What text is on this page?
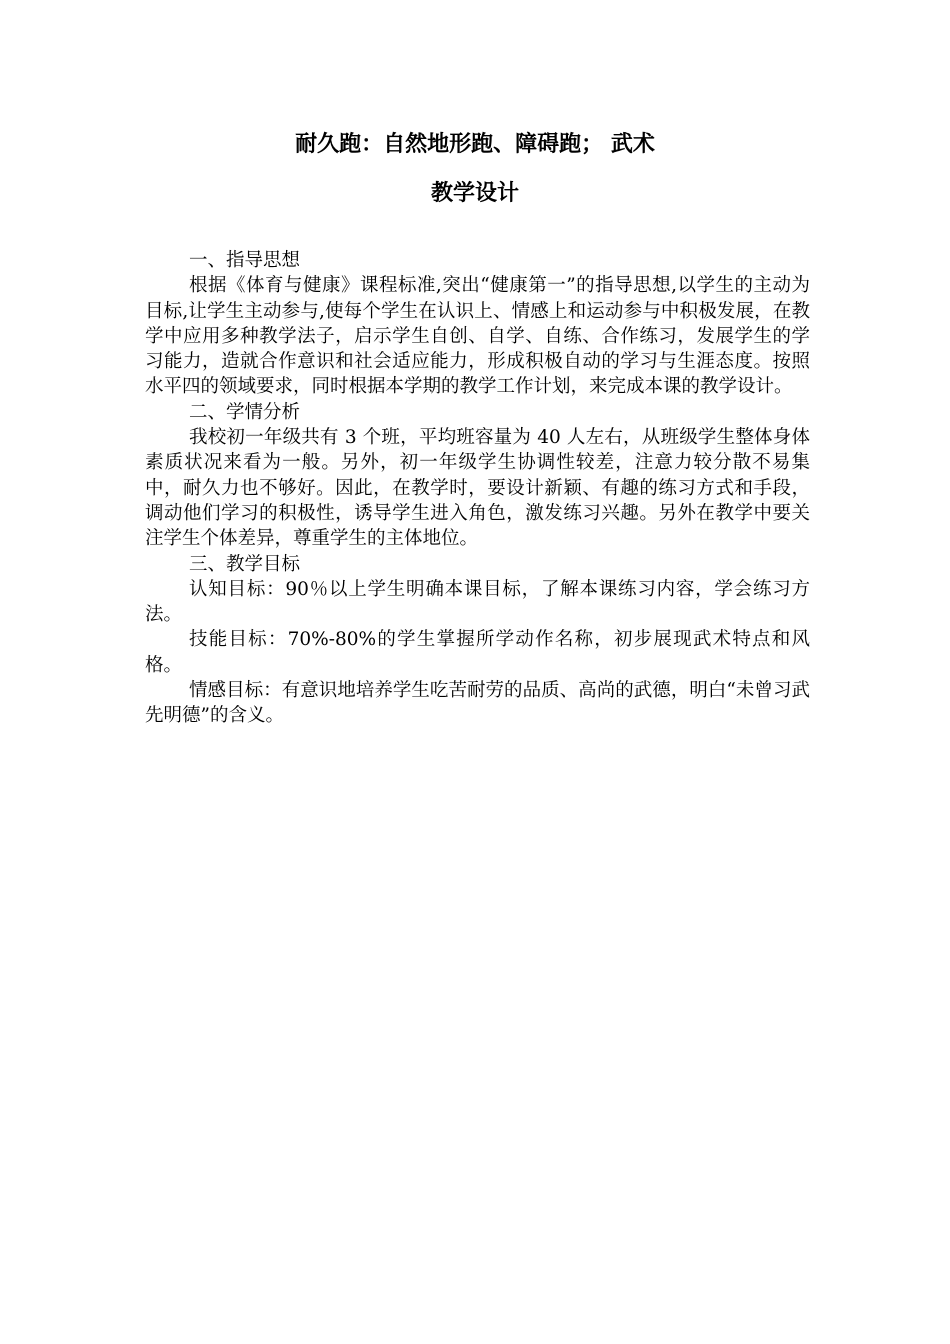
耐久跑：自然地形跑、障碍跑； 武术

教学设计

一、指导思想

根据《体育与健康》课程标准,突出“健康第一”的指导思想,以学生的主动为目标,让学生主动参与,使每个学生在认识上、情感上和运动参与中积极发展，在教学中应用多种教学法子，启示学生自创、自学、自练、合作练习，发展学生的学习能力，造就合作意识和社会适应能力，形成积极自动的学习与生涯态度。按照水平四的领域要求，同时根据本学期的教学工作计划，来完成本课的教学设计。

二、学情分析

我校初一年级共有 3 个班，平均班容量为 40 人左右，从班级学生整体身体素质状况来看为一般。另外，初一年级学生协调性较差，注意力较分散不易集中，耐久力也不够好。因此，在教学时，要设计新颖、有趣的练习方式和手段，调动他们学习的积极性，诱导学生进入角色，激发练习兴趣。另外在教学中要关注学生个体差异，尊重学生的主体地位。

三、教学目标

认知目标：90％以上学生明确本课目标，了解本课练习内容，学会练习方法。

技能目标：70%-80%的学生掌握所学动作名称，初步展现武术特点和风格。

情感目标：有意识地培养学生吃苦耐劳的品质、高尚的武德，明白“未曾习武先明德”的含义。
